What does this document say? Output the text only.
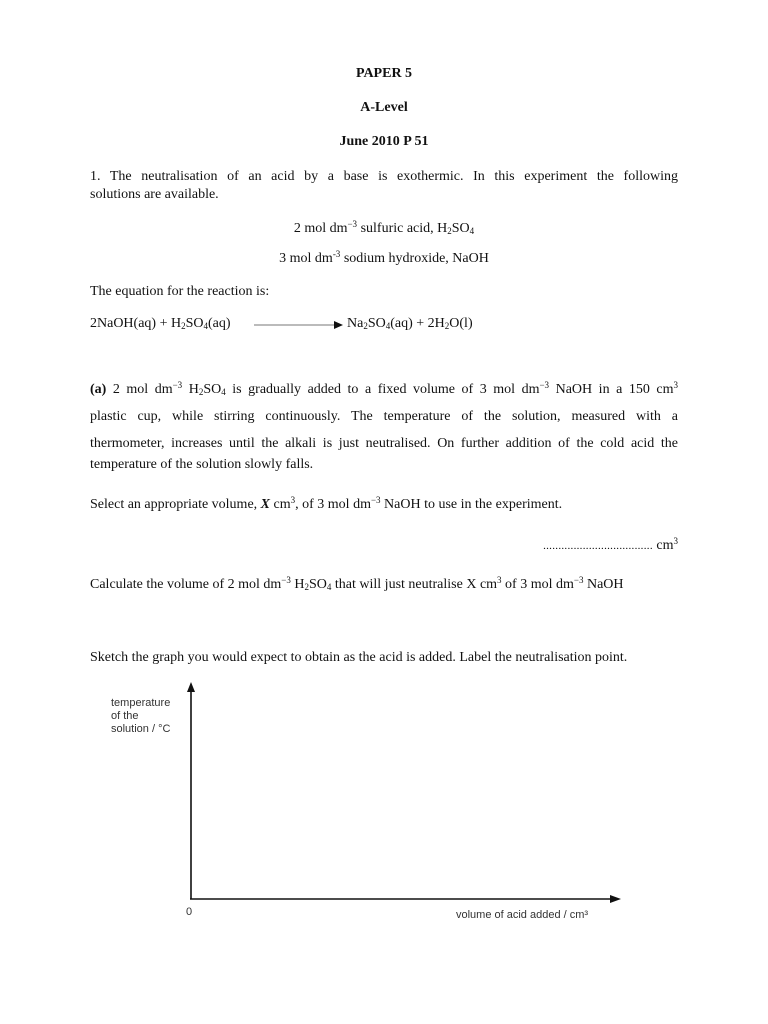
PAPER 5
A-Level
June 2010 P 51
1. The neutralisation of an acid by a base is exothermic. In this experiment the following
solutions are available.
2 mol $dm^{-3}$ sulfuric acid, $H_2SO_4$
3 mol $dm^{-3}$ sodium hydroxide, NaOH
The equation for the reaction is:
2NaOH(aq) + $H_2SO_4(aq)$	$Na_2SO_4(aq) + 2H_2O(l)$
(a) 2 mol $dm^{-3}$ $H_2SO_4$ is gradually added to a fixed volume of 3 mol $dm^{-3}$ NaOH in a 150 $cm^3$
plastic cup, while stirring continuously. The temperature of the solution, measured with a
thermometer, increases until the alkali is just neutralised. On further addition of the cold acid the
temperature of the solution slowly falls.
Select an appropriate volume, X $cm^3$, of 3 mol $dm^{-3}$ NaOH to use in the experiment.
.................................... $cm^3$
Calculate the volume of 2 mol $dm^{-3}$ $H_2SO_4$ that will just neutralise X $cm^3$ of 3 mol $dm^{-3}$ NaOH
Sketch the graph you would expect to obtain as the acid is added. Label the neutralisation point.
temperature
of the
solution / °C
0	volume of acid added / cm³
